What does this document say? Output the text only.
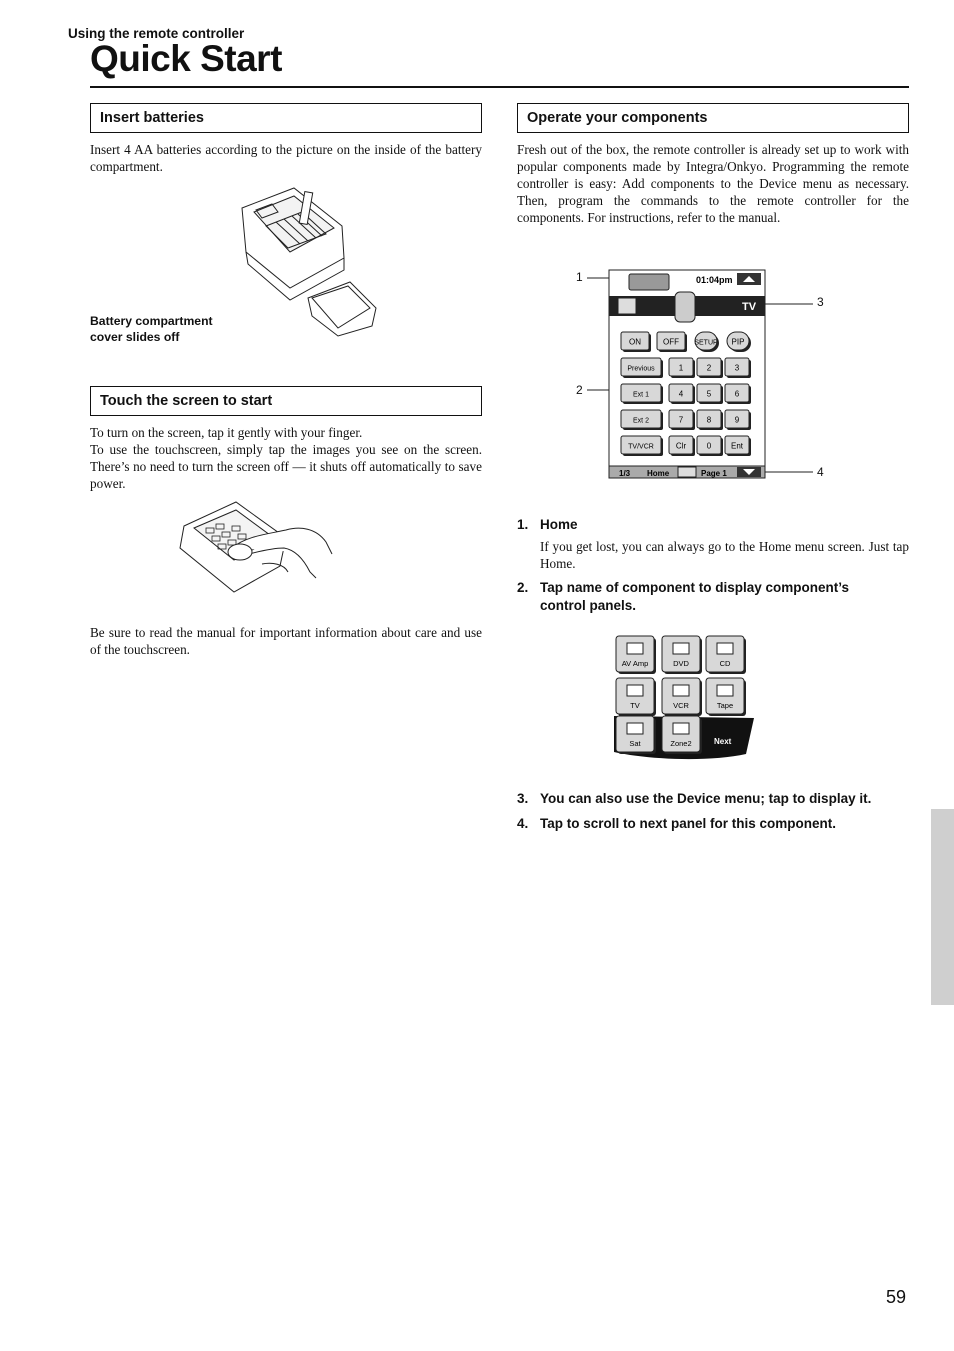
Using the remote controller
Quick Start
Insert batteries
Insert 4 AA batteries according to the picture on the inside of the battery compartment.
Battery compartment
cover slides off
Touch the screen to start
To turn on the screen, tap it gently with your finger.
To use the touchscreen, simply tap the images you see on the screen. There’s no need to turn the screen off — it shuts off automatically to save power.
Be sure to read the manual for important information about care and use of the touchscreen.
Operate your components
Fresh out of the box, the remote controller is already set up to work with popular components made by Integra/Onkyo. Programming the remote controller is easy: Add components to the Device menu as necessary. Then, program the commands to the remote controller for the components. For instructions, refer to the manual.
1
2
3
4
01:04pm
TV
ON	OFF SETUP PIP
Previous	1	2	3
Ext 1	4	5	6
Ext 2	7	8	9
TV/VCR	Clr	0 Ent
1/3 Home	Page 1
1. Home
If you get lost, you can always go to the Home menu screen. Just tap Home.
2. Tap name of component to display component’s
control panels.
AV Amp	DVD	CD
TV	VCR	Tape
Sat	Zone2	Next
3. You can also use the Device menu; tap to display it.
4. Tap to scroll to next panel for this component.
59
